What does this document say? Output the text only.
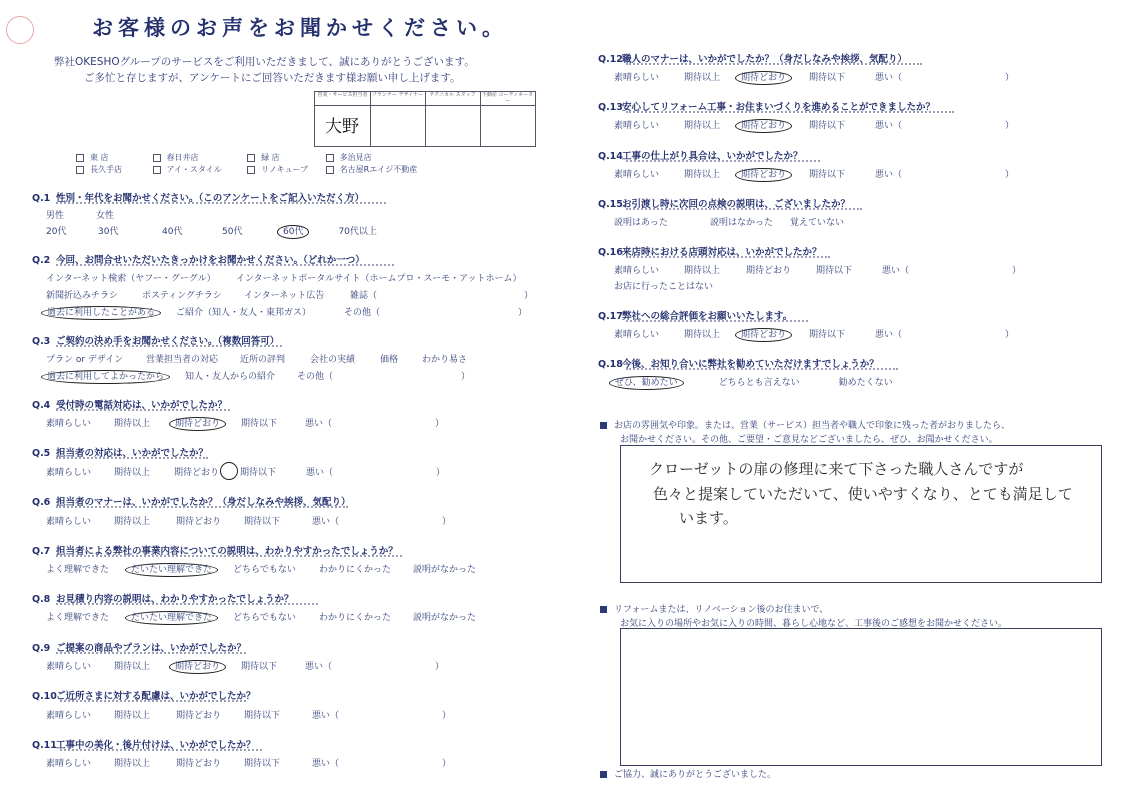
お客様のお声をお聞かせください。
弊社OKESHOグループのサービスをご利用いただきまして、誠にありがとうございます。
ご多忙と存じますが、アンケートにご回答いただきます様お願い申し上げます。
営業・サービス担当者 プランナー デザイナー	テクニカル スタッフ	不動産 コーディネーター
大野
東 店	春日井店	緑 店	多治見店
長久手店	アイ・スタイル	リノキューブ	名古屋Rエイジ不動産
Q.1 性別・年代をお聞かせください。（このアンケートをご記入いただく方）
男性	女性
20代	30代	40代	50代	60代	70代以上
Q.2 今回、お問合せいただいたきっかけをお聞かせください。（どれか一つ）
インターネット検索（ヤフー・グーグル） インターネットポータルサイト（ホームプロ・スーモ・アットホーム）
新聞折込みチラシ	ポスティングチラシ インターネット広告	雑誌（	）
過去に利用したことがある ご紹介（知人・友人・東邦ガス）	その他（	）
Q.3 ご契約の決め手をお聞かせください。（複数回答可）
プラン or デザイン	営業担当者の対応 近所の評判	会社の実績	価格	わかり易さ
過去に利用してよかったから 知人・友人からの紹介 その他（	）
Q.4 受付時の電話対応は、いかがでしたか？
素晴らしい	期待以上	期待どおり 期待以下	悪い（	）
Q.5 担当者の対応は、いかがでしたか？
素晴らしい	期待以上	期待どおり 期待以下	悪い（	）
Q.6 担当者のマナーは、いかがでしたか？（身だしなみや挨拶、気配り）
素晴らしい	期待以上	期待どおり	期待以下	悪い（	）
Q.7 担当者による弊社の事業内容についての説明は、わかりやすかったでしょうか？
よく理解できた だいたい理解できた どちらでもない	わかりにくかった 説明がなかった
Q.8 お見積り内容の説明は、わかりやすかったでしょうか？
よく理解できた だいたい理解できた どちらでもない	わかりにくかった 説明がなかった
Q.9 ご提案の商品やプランは、いかがでしたか？
素晴らしい	期待以上	期待どおり 期待以下	悪い（	）
Q.10ご近所さまに対する配慮は、いかがでしたか？
素晴らしい	期待以上	期待どおり	期待以下	悪い（	）
Q.11工事中の美化・後片付けは、いかがでしたか？
素晴らしい	期待以上	期待どおり	期待以下	悪い（	）
Q.12職人のマナーは、いかがでしたか？（身だしなみや挨拶、気配り）
素晴らしい	期待以上 期待どおり	期待以下	悪い（	）
Q.13安心してリフォーム工事・お住まいづくりを進めることができましたか？
素晴らしい	期待以上 期待どおり	期待以下	悪い（	）
Q.14工事の仕上がり具合は、いかがでしたか？
素晴らしい	期待以上 期待どおり	期待以下	悪い（	）
Q.15お引渡し時に次回の点検の説明は、ございましたか？
説明はあった	説明はなかった 覚えていない
Q.16来店時における店頭対応は、いかがでしたか？
素晴らしい	期待以上	期待どおり	期待以下	悪い（	）
お店に行ったことはない
Q.17弊社への総合評価をお願いいたします。
素晴らしい	期待以上 期待どおり	期待以下	悪い（	）
Q.18今後、お知り合いに弊社を勧めていただけますでしょうか？
ぜひ、勧めたい	どちらとも言えない	勧めたくない
お店の雰囲気や印象。または、営業（サービス）担当者や職人で印象に残った者がおりましたら、
お聞かせください。その他、ご要望・ご意見などございましたら、ぜひ、お聞かせください。
クローゼットの扉の修理に来て下さった職人さんですが
色々と提案していただいて、使いやすくなり、とても満足して
います。
リフォームまたは、リノベーション後のお住まいで、
お気に入りの場所やお気に入りの時間、暮らし心地など、工事後のご感想をお聞かせください。
ご協力、誠にありがとうございました。
